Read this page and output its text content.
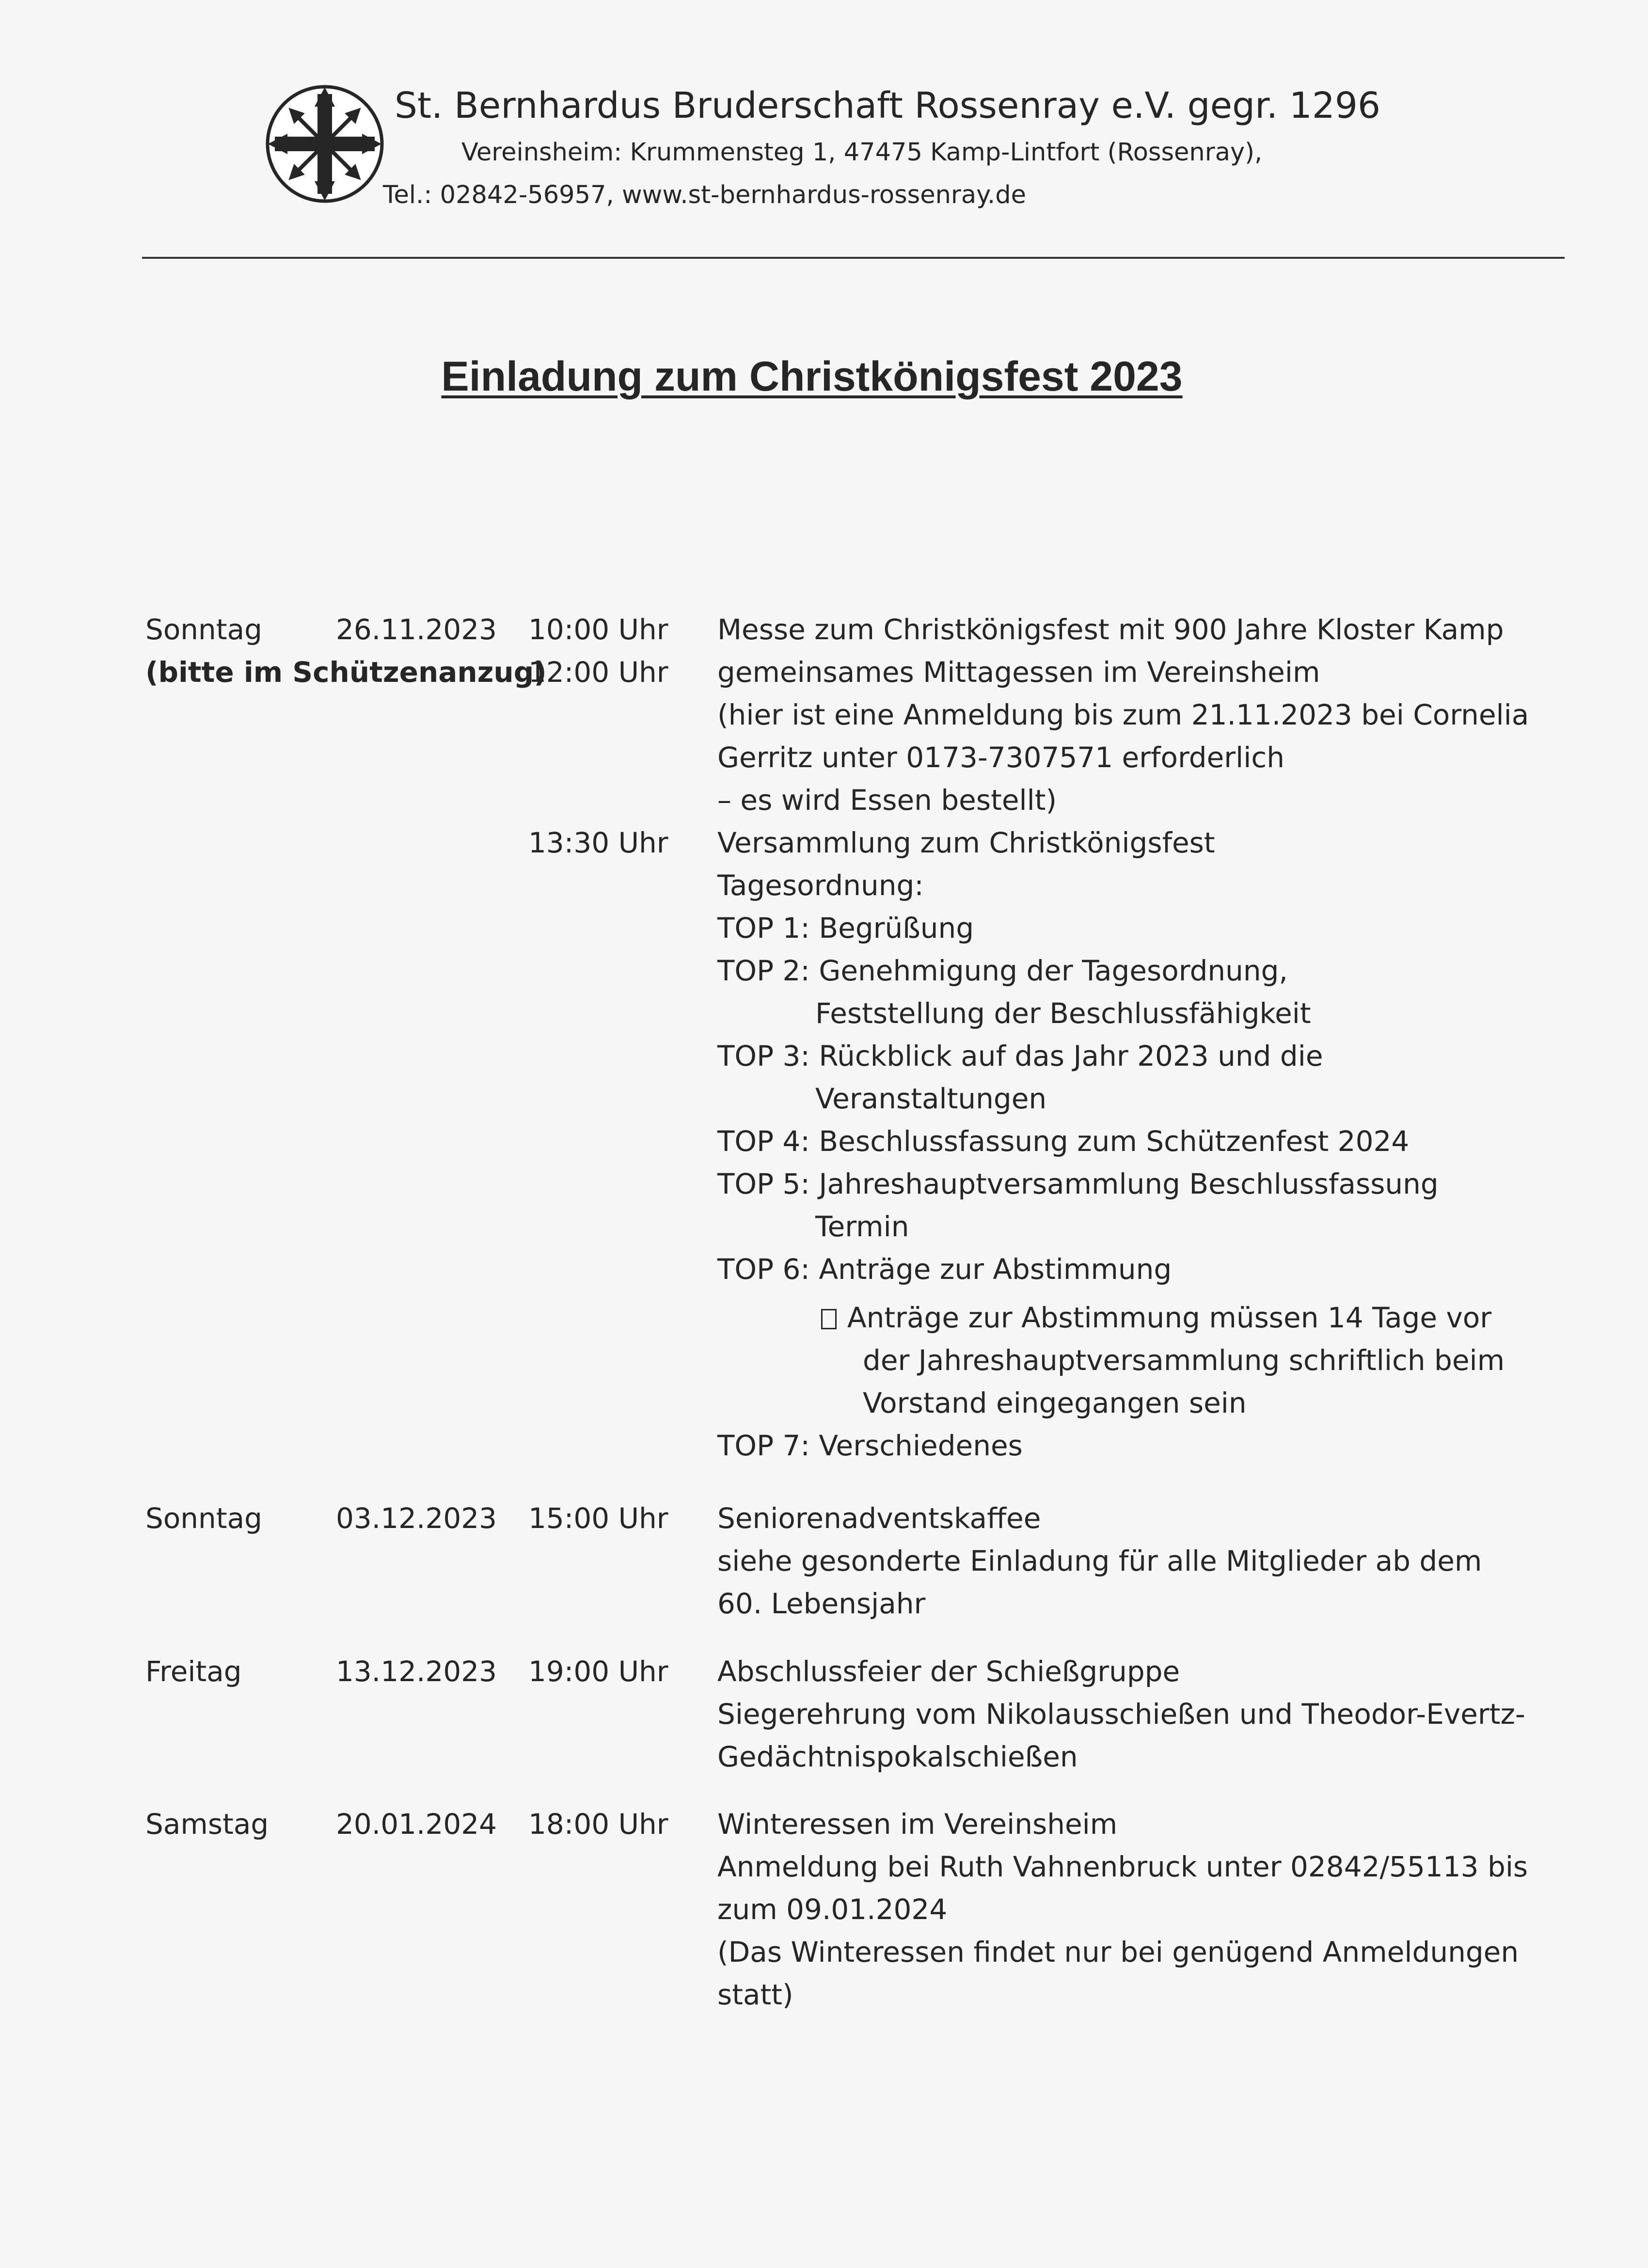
St. Bernhardus Bruderschaft Rossenray e.V. gegr. 1296
Vereinsheim: Krummensteg 1, 47475 Kamp-Lintfort (Rossenray),
Tel.: 02842-56957, www.st-bernhardus-rossenray.de
Einladung zum Christkönigsfest 2023
Sonntag	26.11.2023 10:00 Uhr Messe zum Christkönigsfest mit 900 Jahre Kloster Kamp
(bitte im Schützenanzug)
12:00 Uhr gemeinsames Mittagessen im Vereinsheim
(hier ist eine Anmeldung bis zum 21.11.2023 bei Cornelia
Gerritz unter 0173-7307571 erforderlich
– es wird Essen bestellt)
13:30 Uhr Versammlung zum Christkönigsfest
Tagesordnung:
TOP 1: Begrüßung
TOP 2: Genehmigung der Tagesordnung,
Feststellung der Beschlussfähigkeit
TOP 3: Rückblick auf das Jahr 2023 und die
Veranstaltungen
TOP 4: Beschlussfassung zum Schützenfest 2024
TOP 5: Jahreshauptversammlung Beschlussfassung
Termin
TOP 6: Anträge zur Abstimmung
Anträge zur Abstimmung müssen 14 Tage vor
der Jahreshauptversammlung schriftlich beim
Vorstand eingegangen sein
TOP 7: Verschiedenes
Sonntag	03.12.2023 15:00 Uhr Seniorenadventskaffee
siehe gesonderte Einladung für alle Mitglieder ab dem
60. Lebensjahr
Freitag	13.12.2023 19:00 Uhr Abschlussfeier der Schießgruppe
Siegerehrung vom Nikolausschießen und Theodor-Evertz-
Gedächtnispokalschießen
Samstag 20.01.2024 18:00 Uhr Winteressen im Vereinsheim
Anmeldung bei Ruth Vahnenbruck unter 02842/55113 bis
zum 09.01.2024
(Das Winteressen findet nur bei genügend Anmeldungen
statt)
